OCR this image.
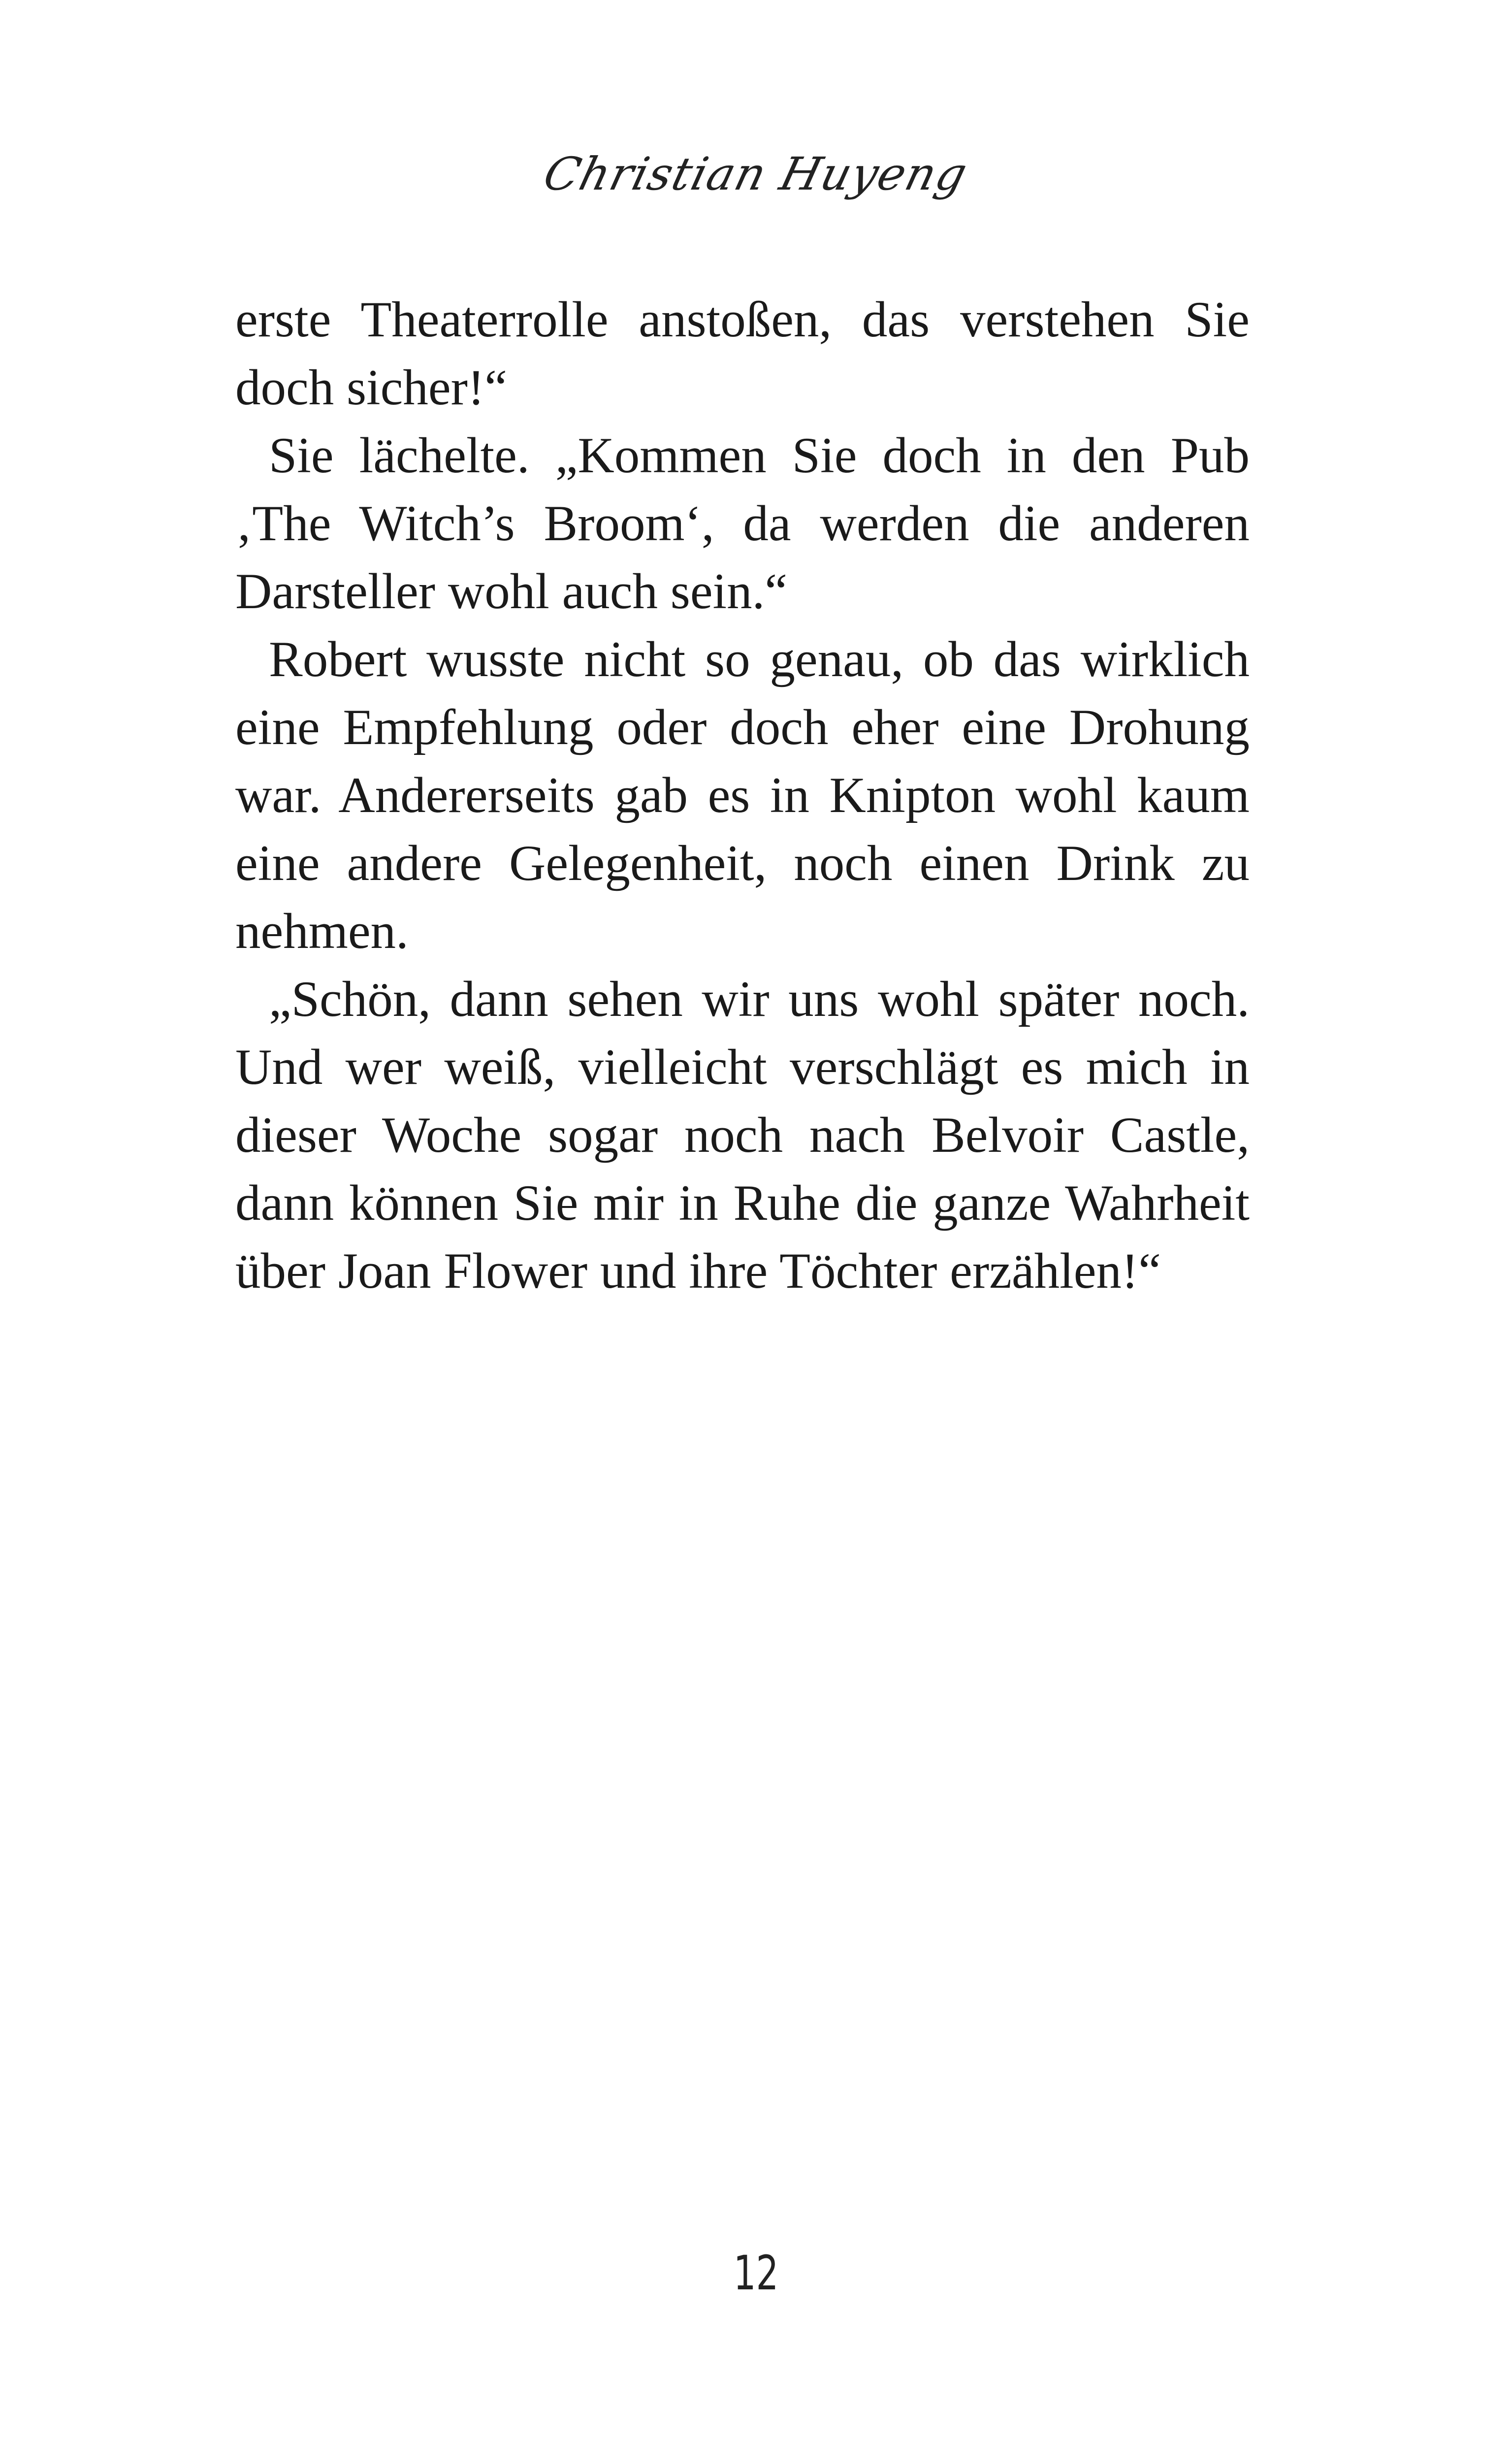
Christian Huyeng

erste Theaterrolle anstoßen, das verstehen Sie doch sicher!“

Sie lächelte. „Kommen Sie doch in den Pub ‚The Witch’s Broom‘, da werden die anderen Darsteller wohl auch sein.“

Robert wusste nicht so genau, ob das wirklich eine Empfehlung oder doch eher eine Drohung war. Andererseits gab es in Knipton wohl kaum eine andere Gelegenheit, noch einen Drink zu nehmen.

„Schön, dann sehen wir uns wohl später noch. Und wer weiß, vielleicht verschlägt es mich in dieser Woche sogar noch nach Belvoir Castle, dann können Sie mir in Ruhe die ganze Wahrheit über Joan Flower und ihre Töchter erzählen!“

12
